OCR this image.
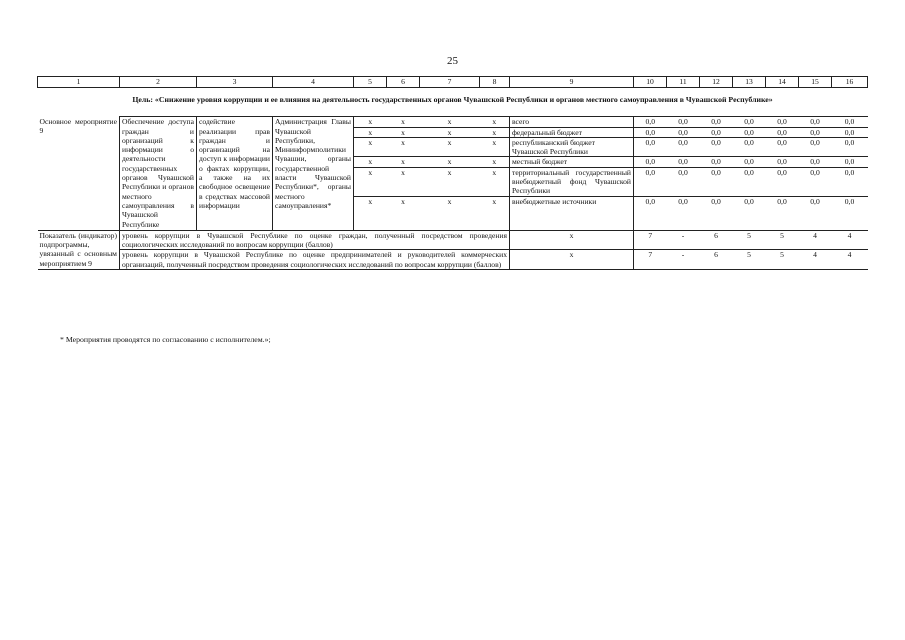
25
1	2	3	4	5	6	7	8	9	10	11	12	13	14	15	16
Цель: «Снижение уровня коррупции и ее влияния на деятельность государственных органов Чувашской Республики и органов местного самоуправления в Чувашской Республике»															

Основное мероприятие 9	Обеспечение доступа граждан и организаций к информации о деятельности государственных органов Чувашской Республики и органов местного самоуправления в Чувашской Республике	содействие реализации прав граждан и организаций на доступ к информации о фактах коррупции, а также на их свободное освещение в средствах массовой информации	Администрация Главы Чувашской Республики, Мининформполитики Чувашии, органы государственной власти Чувашской Республики*, органы местного самоуправления*	x	x	x	x	всего	0,0	0,0	0,0	0,0	0,0	0,0	0,0
				x	x	x	x	федеральный бюджет	0,0	0,0	0,0	0,0	0,0	0,0	0,0
				x	x	x	x	республиканский бюджет Чувашской Республики	0,0	0,0	0,0	0,0	0,0	0,0	0,0
				x	x	x	x	местный бюджет	0,0	0,0	0,0	0,0	0,0	0,0	0,0
				x	x	x	x	территориальный государственный внебюджетный фонд Чувашской Республики	0,0	0,0	0,0	0,0	0,0	0,0	0,0
				x	x	x	x	внебюджетные источники	0,0	0,0	0,0	0,0	0,0	0,0	0,0
Показатель (индикатор) подпрограммы, увязанный с основным мероприятием 9	уровень коррупции в Чувашской Республике по оценке граждан, полученный посредством проведения социологических исследований по вопросам коррупции (баллов)							x	7	-	6	5	5	4	4
	уровень коррупции в Чувашской Республике по оценке предпринимателей и руководителей коммерческих организаций, полученный посредством проведения социологических исследований по вопросам коррупции (баллов)							x	7	-	6	5	5	4	4
* Мероприятия проводятся по согласованию с исполнителем.»;
